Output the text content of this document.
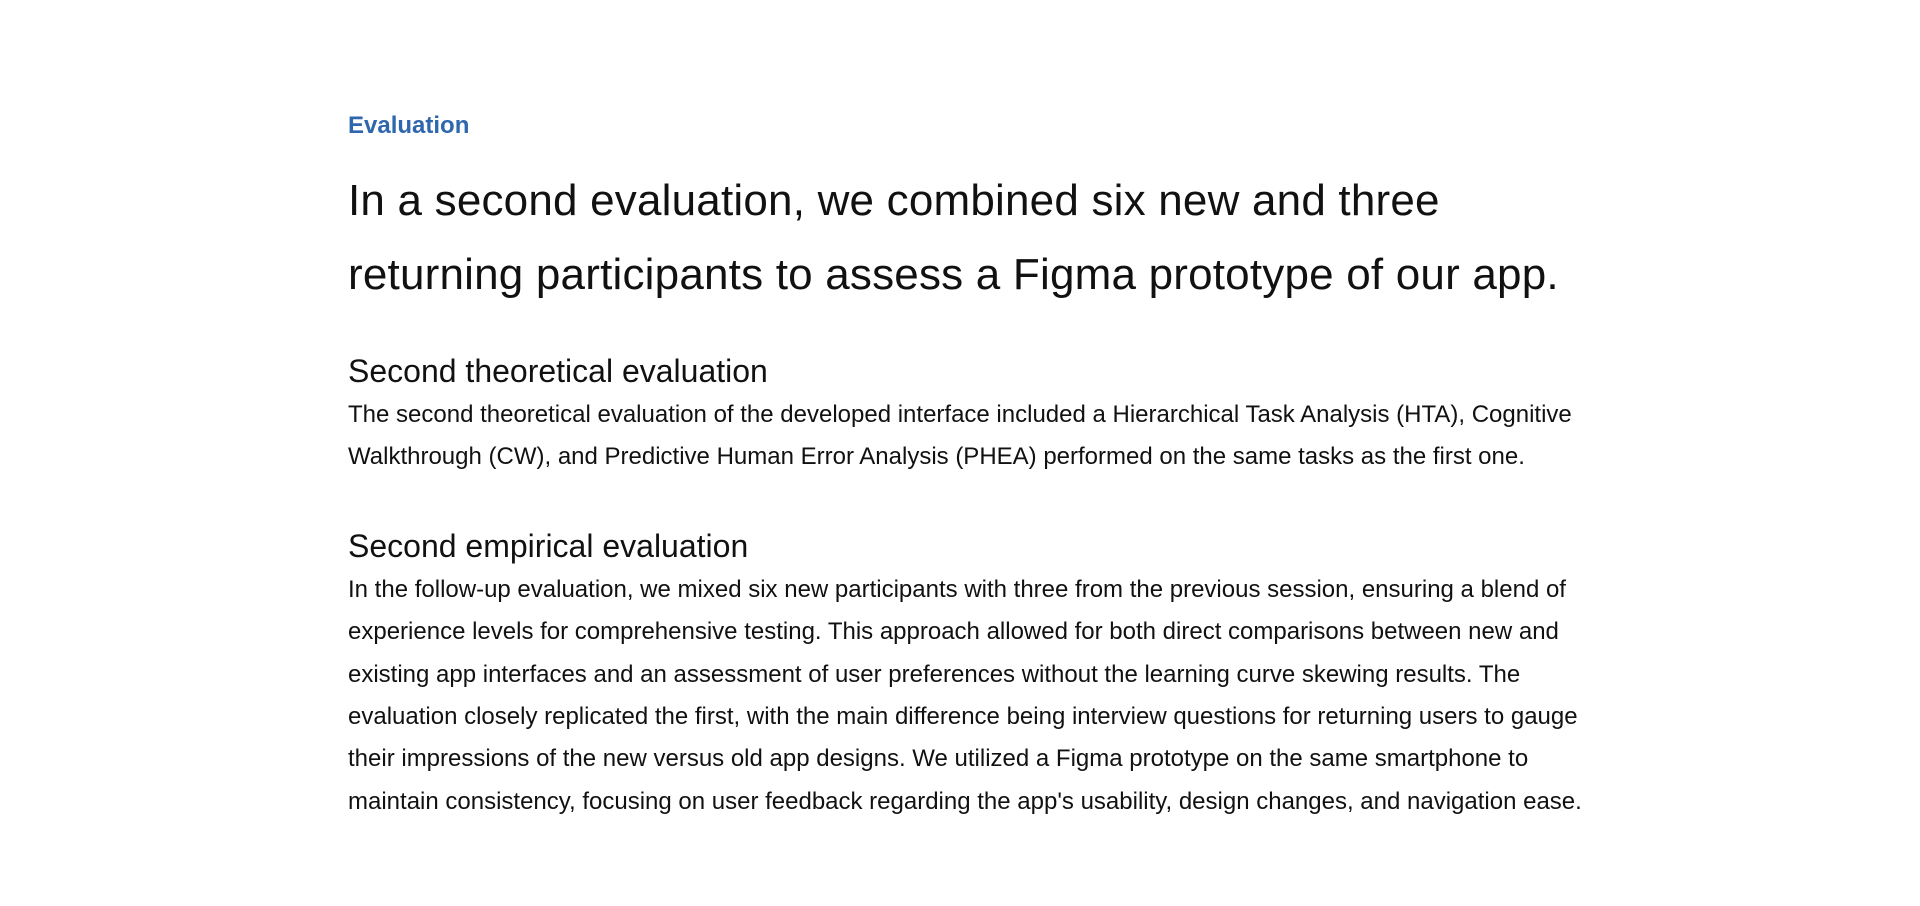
Evaluation
In a second evaluation, we combined six new and three returning participants to assess a Figma prototype of our app.
Second theoretical evaluation

The second theoretical evaluation of the developed interface included a Hierarchical Task Analysis (HTA), Cognitive Walkthrough (CW), and Predictive Human Error Analysis (PHEA) performed on the same tasks as the first one.

Second empirical evaluation

In the follow-up evaluation, we mixed six new participants with three from the previous session, ensuring a blend of experience levels for comprehensive testing. This approach allowed for both direct comparisons between new and existing app interfaces and an assessment of user preferences without the learning curve skewing results. The evaluation closely replicated the first, with the main difference being interview questions for returning users to gauge their impressions of the new versus old app designs. We utilized a Figma prototype on the same smartphone to maintain consistency, focusing on user feedback regarding the app's usability, design changes, and navigation ease.
